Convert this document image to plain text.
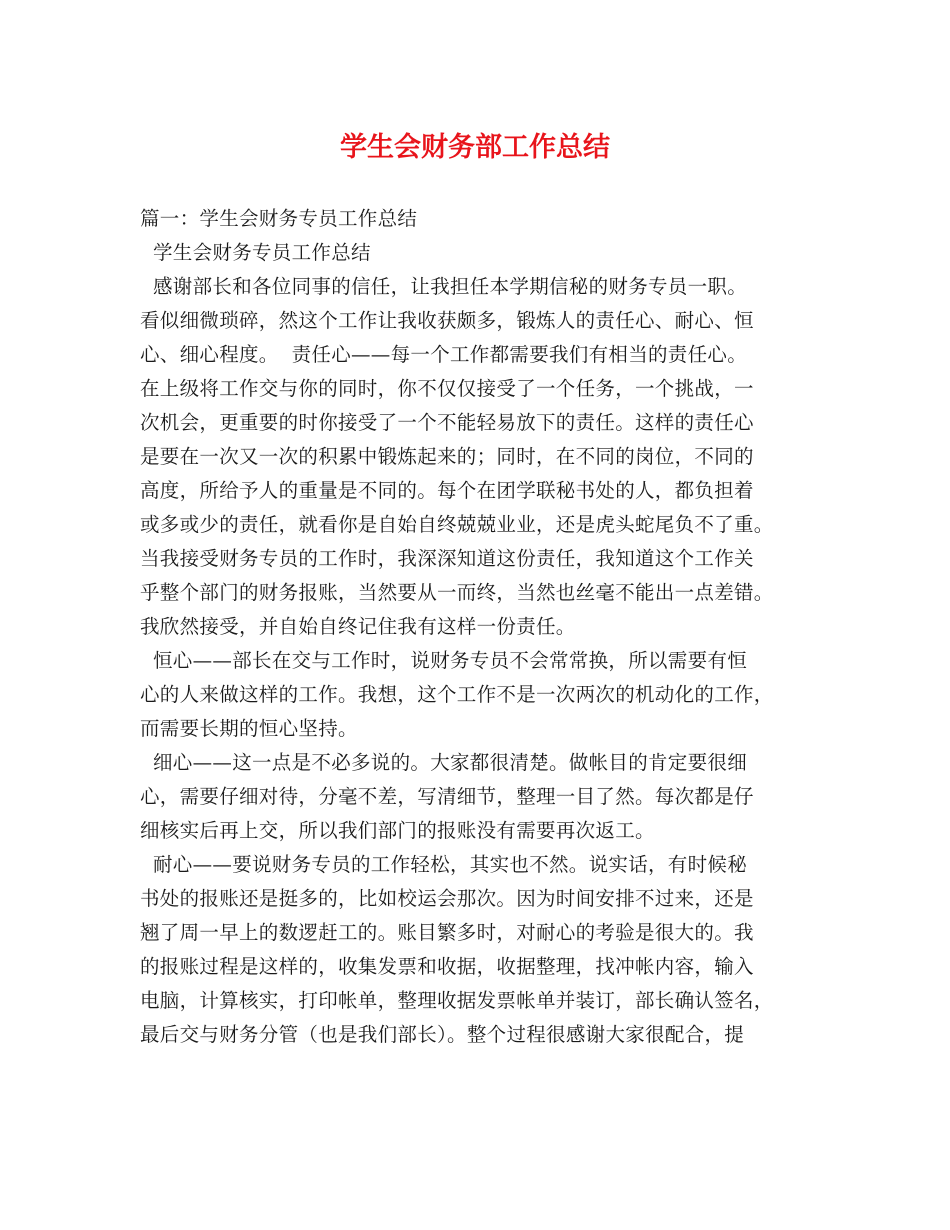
学生会财务部工作总结
篇一：学生会财务专员工作总结
学生会财务专员工作总结
感谢部长和各位同事的信任，让我担任本学期信秘的财务专员一职。
看似细微琐碎，然这个工作让我收获颇多，锻炼人的责任心、耐心、恒
心、细心程度。  责任心——每一个工作都需要我们有相当的责任心。
在上级将工作交与你的同时，你不仅仅接受了一个任务，一个挑战，一
次机会，更重要的时你接受了一个不能轻易放下的责任。这样的责任心
是要在一次又一次的积累中锻炼起来的；同时，在不同的岗位，不同的
高度，所给予人的重量是不同的。每个在团学联秘书处的人，都负担着
或多或少的责任，就看你是自始自终兢兢业业，还是虎头蛇尾负不了重。
当我接受财务专员的工作时，我深深知道这份责任，我知道这个工作关
乎整个部门的财务报账，当然要从一而终，当然也丝毫不能出一点差错。
我欣然接受，并自始自终记住我有这样一份责任。
恒心——部长在交与工作时，说财务专员不会常常换，所以需要有恒
心的人来做这样的工作。我想，这个工作不是一次两次的机动化的工作，
而需要长期的恒心坚持。
细心——这一点是不必多说的。大家都很清楚。做帐目的肯定要很细
心，需要仔细对待，分毫不差，写清细节，整理一目了然。每次都是仔
细核实后再上交，所以我们部门的报账没有需要再次返工。
耐心——要说财务专员的工作轻松，其实也不然。说实话，有时候秘
书处的报账还是挺多的，比如校运会那次。因为时间安排不过来，还是
翘了周一早上的数逻赶工的。账目繁多时，对耐心的考验是很大的。我
的报账过程是这样的，收集发票和收据，收据整理，找冲帐内容，输入
电脑，计算核实，打印帐单，整理收据发票帐单并装订，部长确认签名，
最后交与财务分管（也是我们部长）。整个过程很感谢大家很配合，提
